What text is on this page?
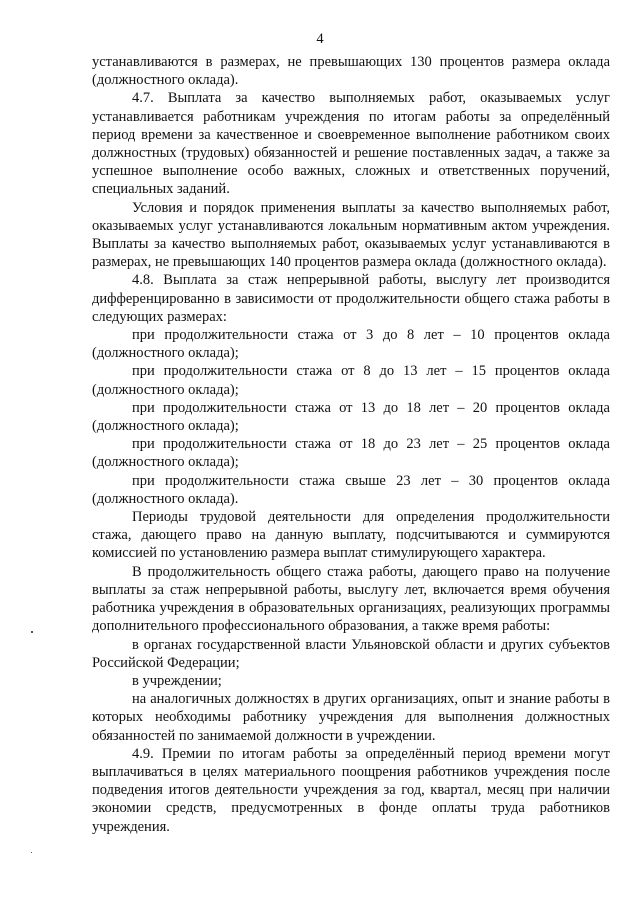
4

устанавливаются в размерах, не превышающих 130 процентов размера оклада (должностного оклада).

4.7. Выплата за качество выполняемых работ, оказываемых услуг устанавливается работникам учреждения по итогам работы за определённый период времени за качественное и своевременное выполнение работником своих должностных (трудовых) обязанностей и решение поставленных задач, а также за успешное выполнение особо важных, сложных и ответственных поручений, специальных заданий.

Условия и порядок применения выплаты за качество выполняемых работ, оказываемых услуг устанавливаются локальным нормативным актом учреждения. Выплаты за качество выполняемых работ, оказываемых услуг устанавливаются в размерах, не превышающих 140 процентов размера оклада (должностного оклада).

4.8. Выплата за стаж непрерывной работы, выслугу лет производится дифференцированно в зависимости от продолжительности общего стажа работы в следующих размерах:

при продолжительности стажа от 3 до 8 лет – 10 процентов оклада (должностного оклада);

при продолжительности стажа от 8 до 13 лет – 15 процентов оклада (должностного оклада);

при продолжительности стажа от 13 до 18 лет – 20 процентов оклада (должностного оклада);

при продолжительности стажа от 18 до 23 лет – 25 процентов оклада (должностного оклада);

при продолжительности стажа свыше 23 лет – 30 процентов оклада (должностного оклада).

Периоды трудовой деятельности для определения продолжительности стажа, дающего право на данную выплату, подсчитываются и суммируются комиссией по установлению размера выплат стимулирующего характера.

В продолжительность общего стажа работы, дающего право на получение выплаты за стаж непрерывной работы, выслугу лет, включается время обучения работника учреждения в образовательных организациях, реализующих программы дополнительного профессионального образования, а также время работы:

в органах государственной власти Ульяновской области и других субъектов Российской Федерации;

в учреждении;

на аналогичных должностях в других организациях, опыт и знание работы в которых необходимы работнику учреждения для выполнения должностных обязанностей по занимаемой должности в учреждении.

4.9. Премии по итогам работы за определённый период времени могут выплачиваться в целях материального поощрения работников учреждения после подведения итогов деятельности учреждения за год, квартал, месяц при наличии экономии средств, предусмотренных в фонде оплаты труда работников учреждения.
